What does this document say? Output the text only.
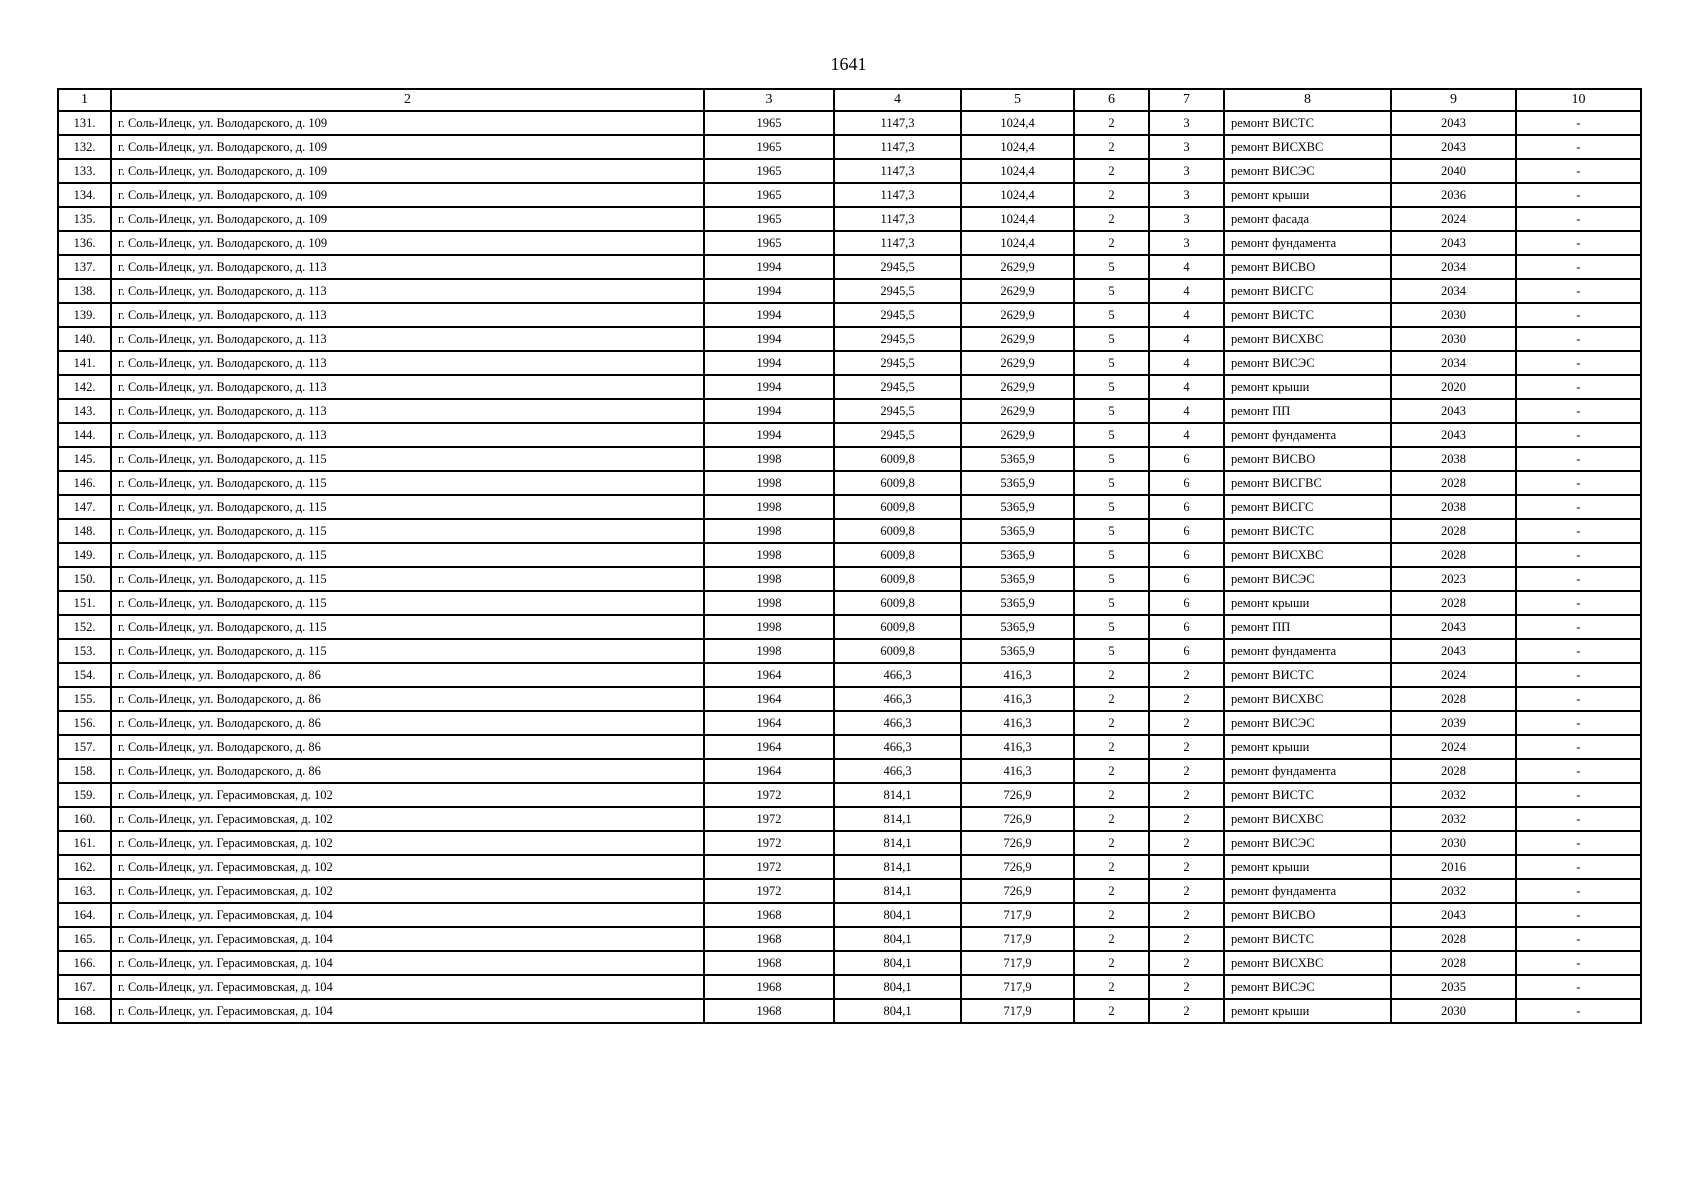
1641
1	2	3	4	5	6	7	8	9	10
131.	г. Соль-Илецк, ул. Володарского, д. 109	1965	1147,3	1024,4	2	3	ремонт ВИСТС	2043	-
132.	г. Соль-Илецк, ул. Володарского, д. 109	1965	1147,3	1024,4	2	3	ремонт ВИСХВС	2043	-
133.	г. Соль-Илецк, ул. Володарского, д. 109	1965	1147,3	1024,4	2	3	ремонт ВИСЭС	2040	-
134.	г. Соль-Илецк, ул. Володарского, д. 109	1965	1147,3	1024,4	2	3	ремонт крыши	2036	-
135.	г. Соль-Илецк, ул. Володарского, д. 109	1965	1147,3	1024,4	2	3	ремонт фасада	2024	-
136.	г. Соль-Илецк, ул. Володарского, д. 109	1965	1147,3	1024,4	2	3	ремонт фундамента	2043	-
137.	г. Соль-Илецк, ул. Володарского, д. 113	1994	2945,5	2629,9	5	4	ремонт ВИСВО	2034	-
138.	г. Соль-Илецк, ул. Володарского, д. 113	1994	2945,5	2629,9	5	4	ремонт ВИСГС	2034	-
139.	г. Соль-Илецк, ул. Володарского, д. 113	1994	2945,5	2629,9	5	4	ремонт ВИСТС	2030	-
140.	г. Соль-Илецк, ул. Володарского, д. 113	1994	2945,5	2629,9	5	4	ремонт ВИСХВС	2030	-
141.	г. Соль-Илецк, ул. Володарского, д. 113	1994	2945,5	2629,9	5	4	ремонт ВИСЭС	2034	-
142.	г. Соль-Илецк, ул. Володарского, д. 113	1994	2945,5	2629,9	5	4	ремонт крыши	2020	-
143.	г. Соль-Илецк, ул. Володарского, д. 113	1994	2945,5	2629,9	5	4	ремонт ПП	2043	-
144.	г. Соль-Илецк, ул. Володарского, д. 113	1994	2945,5	2629,9	5	4	ремонт фундамента	2043	-
145.	г. Соль-Илецк, ул. Володарского, д. 115	1998	6009,8	5365,9	5	6	ремонт ВИСВО	2038	-
146.	г. Соль-Илецк, ул. Володарского, д. 115	1998	6009,8	5365,9	5	6	ремонт ВИСГВС	2028	-
147.	г. Соль-Илецк, ул. Володарского, д. 115	1998	6009,8	5365,9	5	6	ремонт ВИСГС	2038	-
148.	г. Соль-Илецк, ул. Володарского, д. 115	1998	6009,8	5365,9	5	6	ремонт ВИСТС	2028	-
149.	г. Соль-Илецк, ул. Володарского, д. 115	1998	6009,8	5365,9	5	6	ремонт ВИСХВС	2028	-
150.	г. Соль-Илецк, ул. Володарского, д. 115	1998	6009,8	5365,9	5	6	ремонт ВИСЭС	2023	-
151.	г. Соль-Илецк, ул. Володарского, д. 115	1998	6009,8	5365,9	5	6	ремонт крыши	2028	-
152.	г. Соль-Илецк, ул. Володарского, д. 115	1998	6009,8	5365,9	5	6	ремонт ПП	2043	-
153.	г. Соль-Илецк, ул. Володарского, д. 115	1998	6009,8	5365,9	5	6	ремонт фундамента	2043	-
154.	г. Соль-Илецк, ул. Володарского, д. 86	1964	466,3	416,3	2	2	ремонт ВИСТС	2024	-
155.	г. Соль-Илецк, ул. Володарского, д. 86	1964	466,3	416,3	2	2	ремонт ВИСХВС	2028	-
156.	г. Соль-Илецк, ул. Володарского, д. 86	1964	466,3	416,3	2	2	ремонт ВИСЭС	2039	-
157.	г. Соль-Илецк, ул. Володарского, д. 86	1964	466,3	416,3	2	2	ремонт крыши	2024	-
158.	г. Соль-Илецк, ул. Володарского, д. 86	1964	466,3	416,3	2	2	ремонт фундамента	2028	-
159.	г. Соль-Илецк, ул. Герасимовская, д. 102	1972	814,1	726,9	2	2	ремонт ВИСТС	2032	-
160.	г. Соль-Илецк, ул. Герасимовская, д. 102	1972	814,1	726,9	2	2	ремонт ВИСХВС	2032	-
161.	г. Соль-Илецк, ул. Герасимовская, д. 102	1972	814,1	726,9	2	2	ремонт ВИСЭС	2030	-
162.	г. Соль-Илецк, ул. Герасимовская, д. 102	1972	814,1	726,9	2	2	ремонт крыши	2016	-
163.	г. Соль-Илецк, ул. Герасимовская, д. 102	1972	814,1	726,9	2	2	ремонт фундамента	2032	-
164.	г. Соль-Илецк, ул. Герасимовская, д. 104	1968	804,1	717,9	2	2	ремонт ВИСВО	2043	-
165.	г. Соль-Илецк, ул. Герасимовская, д. 104	1968	804,1	717,9	2	2	ремонт ВИСТС	2028	-
166.	г. Соль-Илецк, ул. Герасимовская, д. 104	1968	804,1	717,9	2	2	ремонт ВИСХВС	2028	-
167.	г. Соль-Илецк, ул. Герасимовская, д. 104	1968	804,1	717,9	2	2	ремонт ВИСЭС	2035	-
168.	г. Соль-Илецк, ул. Герасимовская, д. 104	1968	804,1	717,9	2	2	ремонт крыши	2030	-
